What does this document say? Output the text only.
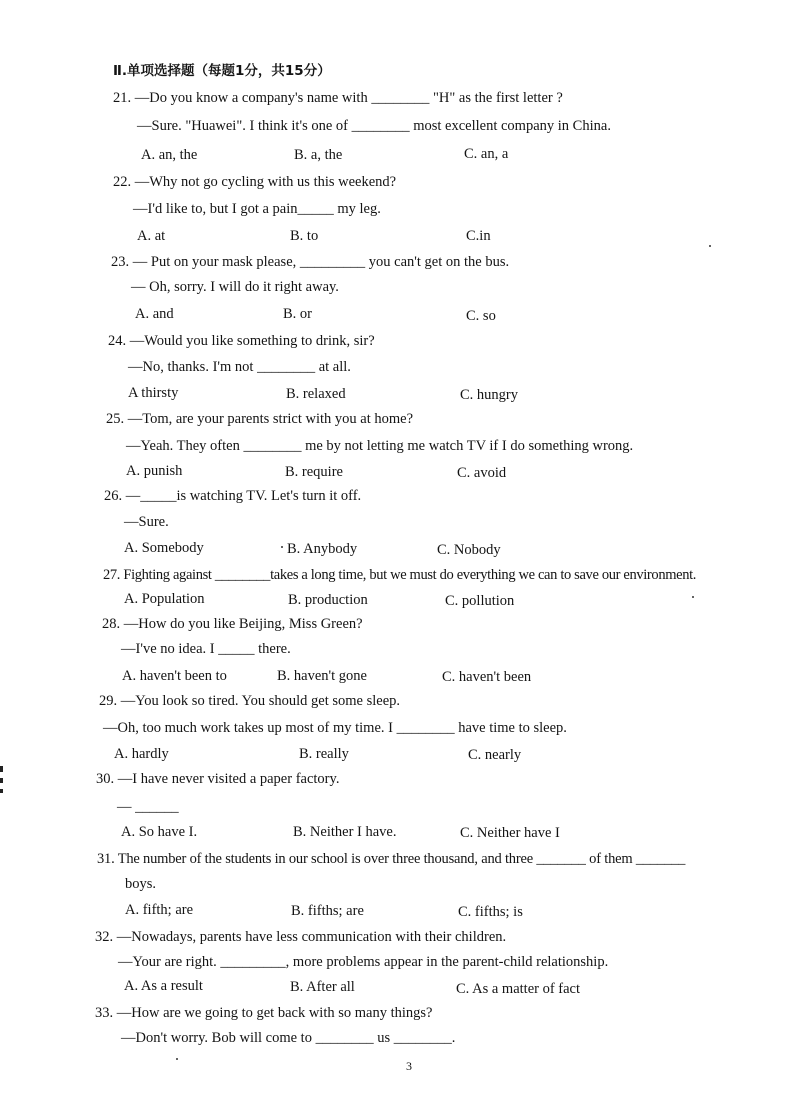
Ⅱ.单项选择题（每题1分，共15分）
21. —Do you know a company's name with ________ "H" as the first letter ?
—Sure. "Huawei". I think it's one of ________ most excellent company in China.
A. an, the	B. a, the	C. an, a
22. —Why not go cycling with us this weekend?
—I'd like to, but I got a pain_____ my leg.
A. at	B. to	C.in
23. — Put on your mask please, _________ you can't get on the bus.
— Oh, sorry. I will do it right away.
A. and	B. or	C. so
24. —Would you like something to drink, sir?
—No, thanks. I'm not ________ at all.
A thirsty	B. relaxed	C. hungry
25. —Tom, are your parents strict with you at home?
—Yeah. They often ________ me by not letting me watch TV if I do something wrong.
A. punish	B. require	C. avoid
26. —_____is watching TV. Let's turn it off.
—Sure.
A. Somebody	B. Anybody	C. Nobody
27. Fighting against ________takes a long time, but we must do everything we can to save our environment.
A. Population	B. production	C. pollution
28. —How do you like Beijing, Miss Green?
—I've no idea. I _____ there.
A. haven't been to	B. haven't gone	C. haven't been
29. —You look so tired. You should get some sleep.
—Oh, too much work takes up most of my time. I ________ have time to sleep.
A. hardly	B. really	C. nearly
30. —I have never visited a paper factory.
— ______
A. So have I.	B. Neither I have.	C. Neither have I
31. The number of the students in our school is over three thousand, and three _______ of them _______
boys.
A. fifth; are	B. fifths; are	C. fifths; is
32. —Nowadays, parents have less communication with their children.
—Your are right. _________, more problems appear in the parent-child relationship.
A. As a result	B. After all	C. As a matter of fact
33. —How are we going to get back with so many things?
—Don't worry. Bob will come to ________ us ________.
3
